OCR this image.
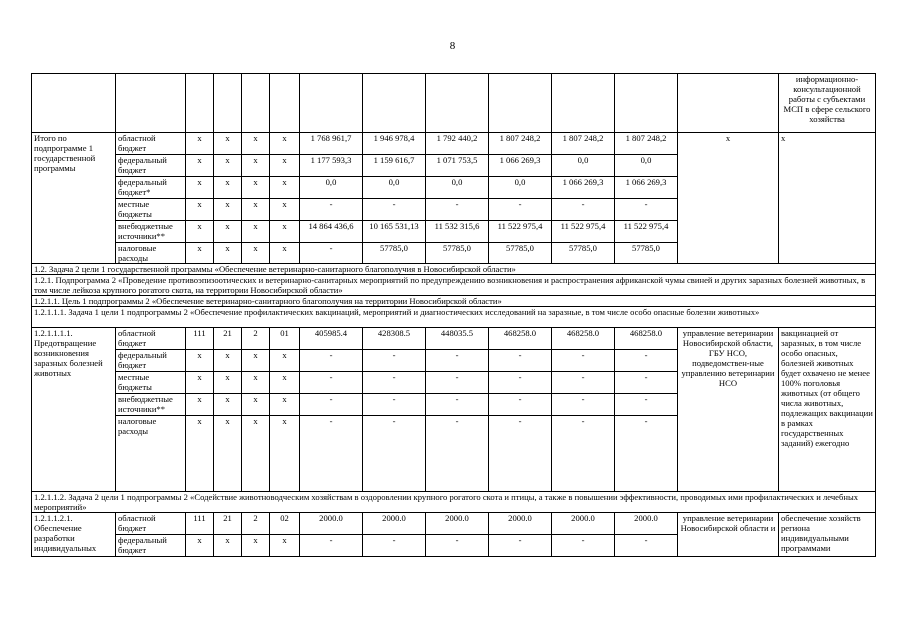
8
													информационно-консультационной работы с субъектами МСП в сфере сельского хозяйства
Итого по подпрограмме 1 государственной программы	областной бюджет	x	x	x	x	1 768 961,7	1 946 978,4	1 792 440,2	1 807 248,2	1 807 248,2	1 807 248,2	x	x
	федеральный бюджет	x	x	x	x	1 177 593,3	1 159 616,7	1 071 753,5	1 066 269,3	0,0	0,0		
	федеральный бюджет*	x	x	x	x	0,0	0,0	0,0	0,0	1 066 269,3	1 066 269,3		
	местные бюджеты	x	x	x	x	-	-	-	-	-	-		
	внебюджетные источники**	x	x	x	x	14 864 436,6	10 165 531,13	11 532 315,6	11 522 975,4	11 522 975,4	11 522 975,4		
	налоговые расходы	x	x	x	x	-	57785,0	57785,0	57785,0	57785,0	57785,0		
1.2. Задача 2 цели 1 государственной программы «Обеспечение ветеринарно-санитарного благополучия в Новосибирской области»													
1.2.1. Подпрограмма 2 «Проведение противоэпизоотических и ветеринарно-санитарных мероприятий по предупреждению возникновения и распространения африканской чумы свиней и других заразных болезней животных, в том числе лейкоза крупного рогатого скота, на территории Новосибирской области»													
1.2.1.1. Цель 1 подпрограммы 2 «Обеспечение ветеринарно-санитарного благополучия на территории Новосибирской области»													
1.2.1.1.1. Задача 1 цели 1 подпрограммы 2 «Обеспечение профилактических вакцинаций, мероприятий и диагностических исследований на заразные, в том числе особо опасные болезни животных»													
1.2.1.1.1.1. Предотвращение возникновения заразных болезней животных	областной бюджет	111	21	2	01	405985.4	428308.5	448035.5	468258.0	468258.0	468258.0	управление ветеринарии Новосибирской области, ГБУ НСО, подведомствен-ные управлению ветеринарии НСО	вакцинацией от заразных, в том числе особо опасных, болезней животных будет охвачено не менее 100% поголовья животных (от общего числа животных, подлежащих вакцинации в рамках государственных заданий) ежегодно
	федеральный бюджет	x	x	x	x	-	-	-	-	-	-		
	местные бюджеты	x	x	x	x	-	-	-	-	-	-		
	внебюджетные источники**	x	x	x	x	-	-	-	-	-	-		
	налоговые расходы	x	x	x	x	-	-	-	-	-	-		
1.2.1.1.2. Задача 2 цели 1 подпрограммы 2 «Содействие животноводческим хозяйствам в оздоровлении крупного рогатого скота и птицы, а также в повышении эффективности, проводимых ими профилактических и лечебных мероприятий»													
1.2.1.1.2.1. Обеспечение разработки индивидуальных	областной бюджет	111	21	2	02	2000.0	2000.0	2000.0	2000.0	2000.0	2000.0	управление ветеринарии Новосибирской области и	обеспечение хозяйств региона индивидуальными программами
	федеральный бюджет	x	x	x	x	-	-	-	-	-	-		
